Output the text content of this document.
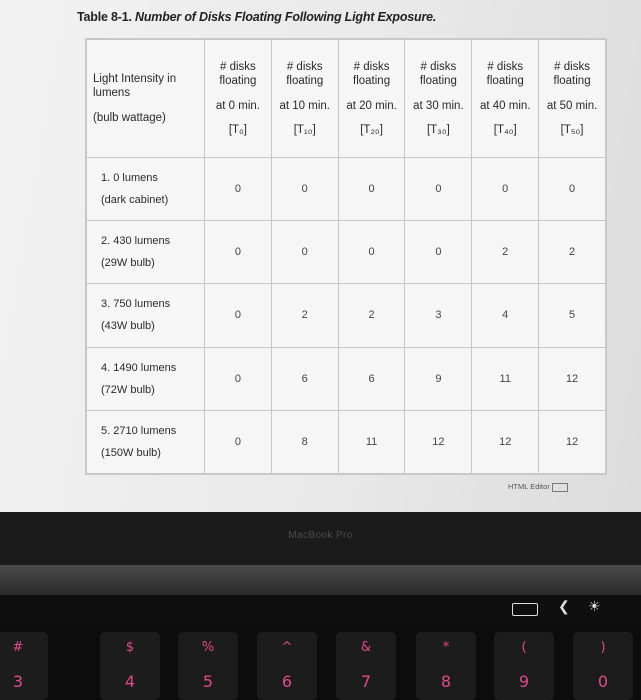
Table 8-1. Number of Disks Floating Following Light Exposure.
Light Intensity in
lumens
(bulb wattage)	# disks
floating
at 0 min.
[T₀]	# disks
floating
at 10 min.
[T₁₀]	# disks
floating
at 20 min.
[T₂₀]	# disks
floating
at 30 min.
[T₃₀]	# disks
floating
at 40 min.
[T₄₀]	# disks
floating
at 50 min.
[T₅₀]

1. 0 lumens
(dark cabinet)	0	0	0	0	0	0

2. 430 lumens
(29W bulb)	0	0	0	0	2	2

3. 750 lumens
(43W bulb)	0	2	2	3	4	5

4. 1490 lumens
(72W bulb)	0	6	6	9	11	12

5. 2710 lumens
(150W bulb)	0	8	11	12	12	12
HTML Editor
MacBook Pro
❮ ☀
#
3
$
4
%
5
^
6
&
7
*
8
(
9
)
0
